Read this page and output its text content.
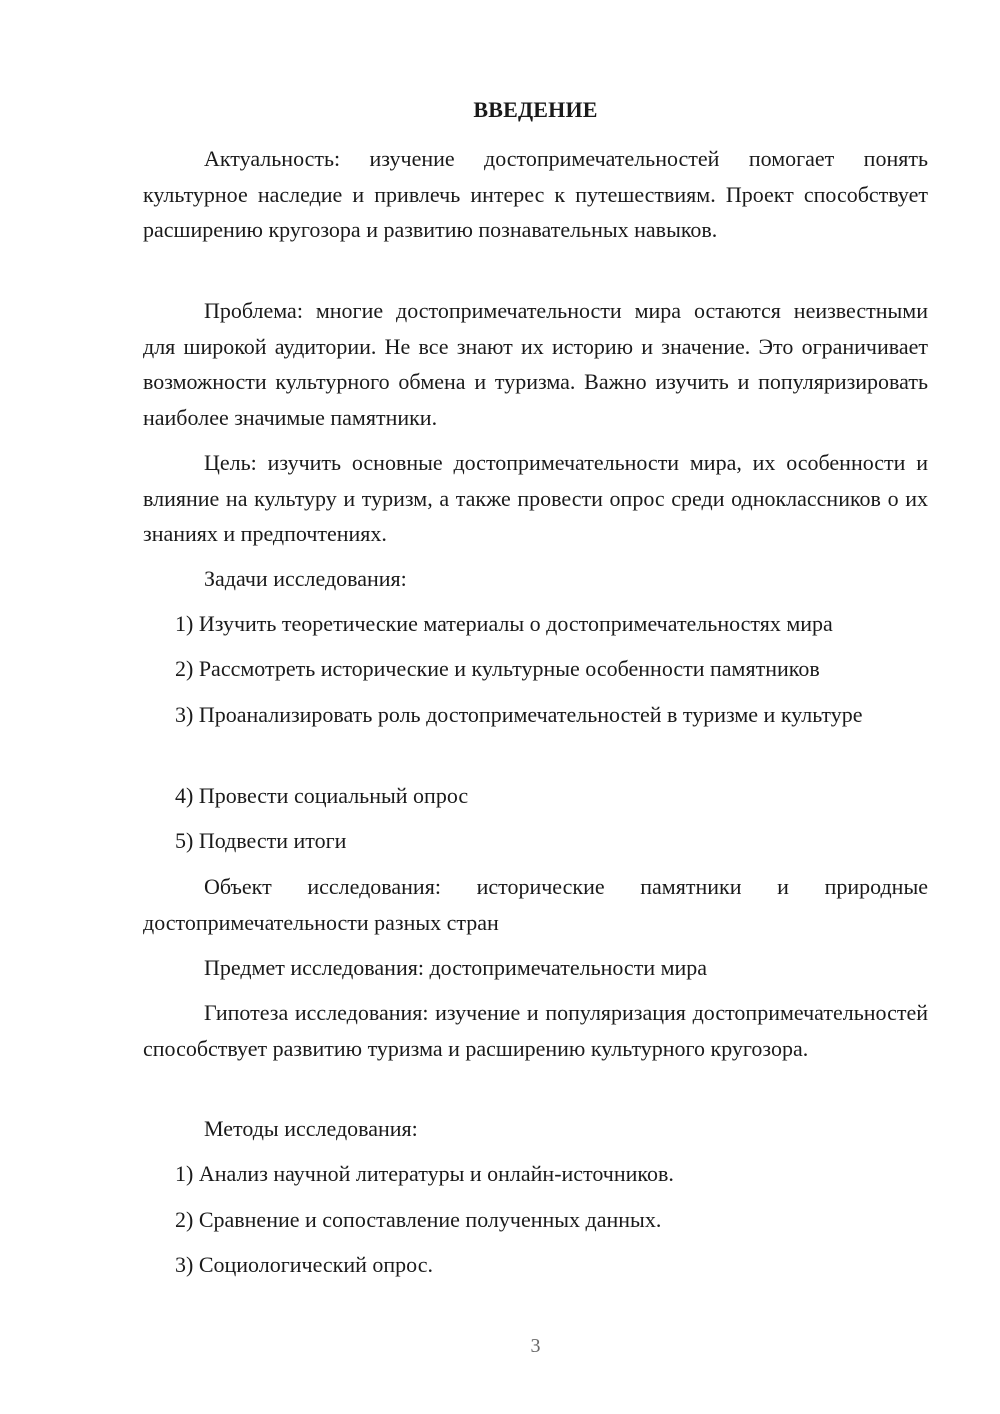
ВВЕДЕНИЕ

Актуальность: изучение достопримечательностей помогает понять культурное наследие и привлечь интерес к путешествиям. Проект способствует расширению кругозора и развитию познавательных навыков.

Проблема: многие достопримечательности мира остаются неизвестными для широкой аудитории. Не все знают их историю и значение. Это ограничивает возможности культурного обмена и туризма. Важно изучить и популяризировать наиболее значимые памятники.

Цель: изучить основные достопримечательности мира, их особенности и влияние на культуру и туризм, а также провести опрос среди одноклассников о их знаниях и предпочтениях.

Задачи исследования:

1) Изучить теоретические материалы о достопримечательностях мира

2) Рассмотреть исторические и культурные особенности памятников

3) Проанализировать роль достопримечательностей в туризме и культуре

4) Провести социальный опрос

5) Подвести итоги

Объект исследования: исторические памятники и природные достопримечательности разных стран

Предмет исследования: достопримечательности мира

Гипотеза исследования: изучение и популяризация достопримечательностей способствует развитию туризма и расширению культурного кругозора.

Методы исследования:

1) Анализ научной литературы и онлайн-источников.

2) Сравнение и сопоставление полученных данных.

3) Социологический опрос.

3
